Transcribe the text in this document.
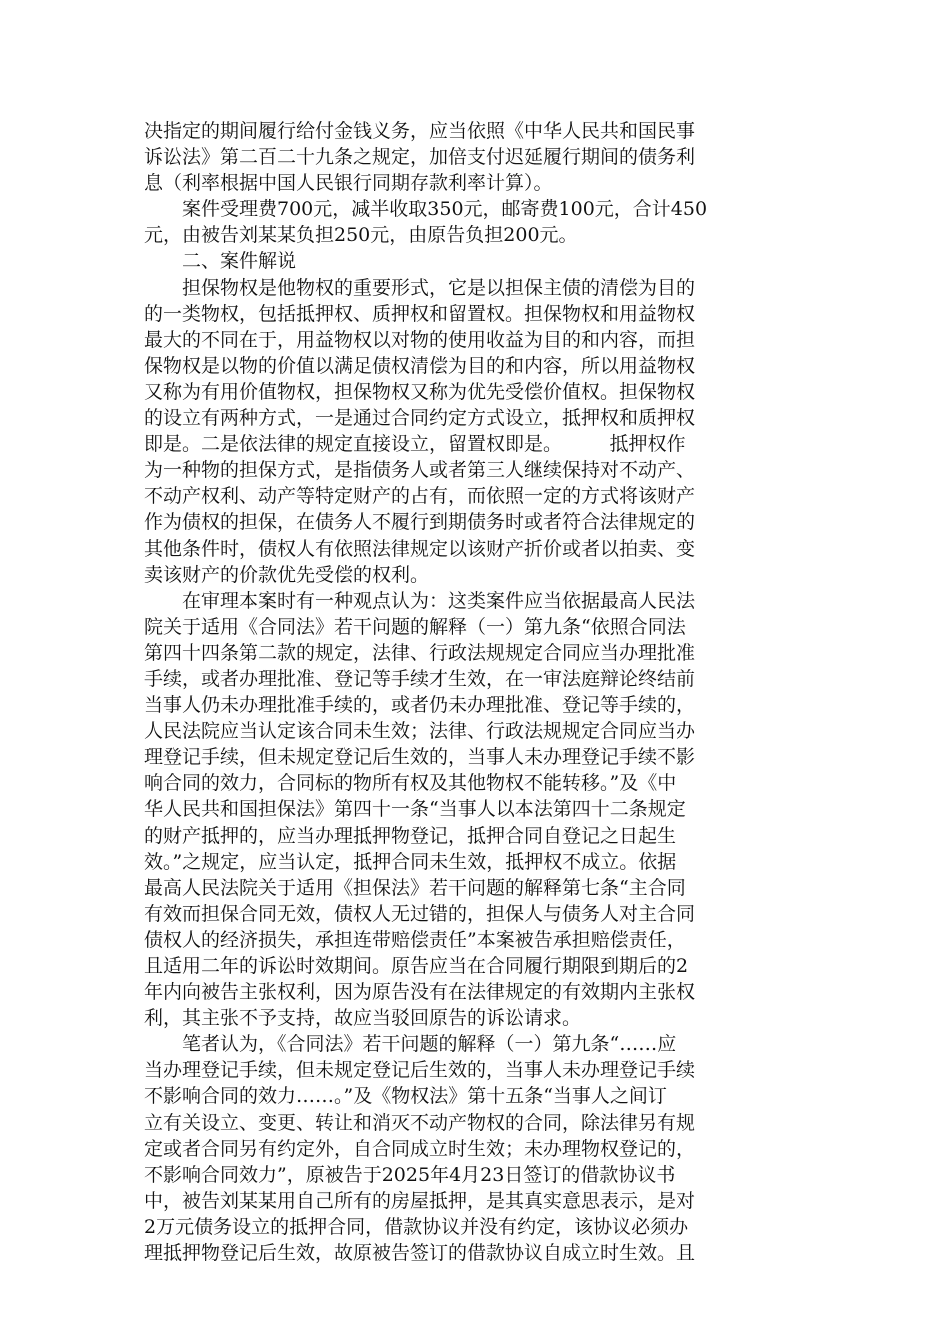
决指定的期间履行给付金钱义务，应当依照《中华人民共和国民事
诉讼法》第二百二十九条之规定，加倍支付迟延履行期间的债务利
息（利率根据中国人民银行同期存款利率计算）。
　　案件受理费700元，减半收取350元，邮寄费100元，合计450
元，由被告刘某某负担250元，由原告负担200元。
　　二、案件解说
　　担保物权是他物权的重要形式，它是以担保主债的清偿为目的
的一类物权，包括抵押权、质押权和留置权。担保物权和用益物权
最大的不同在于，用益物权以对物的使用收益为目的和内容，而担
保物权是以物的价值以满足债权清偿为目的和内容，所以用益物权
又称为有用价值物权，担保物权又称为优先受偿价值权。担保物权
的设立有两种方式，一是通过合同约定方式设立，抵押权和质押权
即是。二是依法律的规定直接设立，留置权即是。　　　抵押权作
为一种物的担保方式，是指债务人或者第三人继续保持对不动产、
不动产权利、动产等特定财产的占有，而依照一定的方式将该财产
作为债权的担保，在债务人不履行到期债务时或者符合法律规定的
其他条件时，债权人有依照法律规定以该财产折价或者以拍卖、变
卖该财产的价款优先受偿的权利。
　　在审理本案时有一种观点认为：这类案件应当依据最高人民法
院关于适用《合同法》若干问题的解释（一）第九条“依照合同法
第四十四条第二款的规定，法律、行政法规规定合同应当办理批准
手续，或者办理批准、登记等手续才生效，在一审法庭辩论终结前
当事人仍未办理批准手续的，或者仍未办理批准、登记等手续的，
人民法院应当认定该合同未生效；法律、行政法规规定合同应当办
理登记手续，但未规定登记后生效的，当事人未办理登记手续不影
响合同的效力，合同标的物所有权及其他物权不能转移。”及《中
华人民共和国担保法》第四十一条“当事人以本法第四十二条规定
的财产抵押的，应当办理抵押物登记，抵押合同自登记之日起生
效。”之规定，应当认定，抵押合同未生效，抵押权不成立。依据
最高人民法院关于适用《担保法》若干问题的解释第七条“主合同
有效而担保合同无效，债权人无过错的，担保人与债务人对主合同
债权人的经济损失，承担连带赔偿责任”本案被告承担赔偿责任，
且适用二年的诉讼时效期间。原告应当在合同履行期限到期后的2
年内向被告主张权利，因为原告没有在法律规定的有效期内主张权
利，其主张不予支持，故应当驳回原告的诉讼请求。
　　笔者认为，《合同法》若干问题的解释（一）第九条“……应
当办理登记手续，但未规定登记后生效的，当事人未办理登记手续
不影响合同的效力……。”及《物权法》第十五条“当事人之间订
立有关设立、变更、转让和消灭不动产物权的合同，除法律另有规
定或者合同另有约定外，自合同成立时生效；未办理物权登记的，
不影响合同效力”，原被告于2025年4月23日签订的借款协议书
中，被告刘某某用自己所有的房屋抵押，是其真实意思表示，是对
2万元债务设立的抵押合同，借款协议并没有约定，该协议必须办
理抵押物登记后生效，故原被告签订的借款协议自成立时生效。且
